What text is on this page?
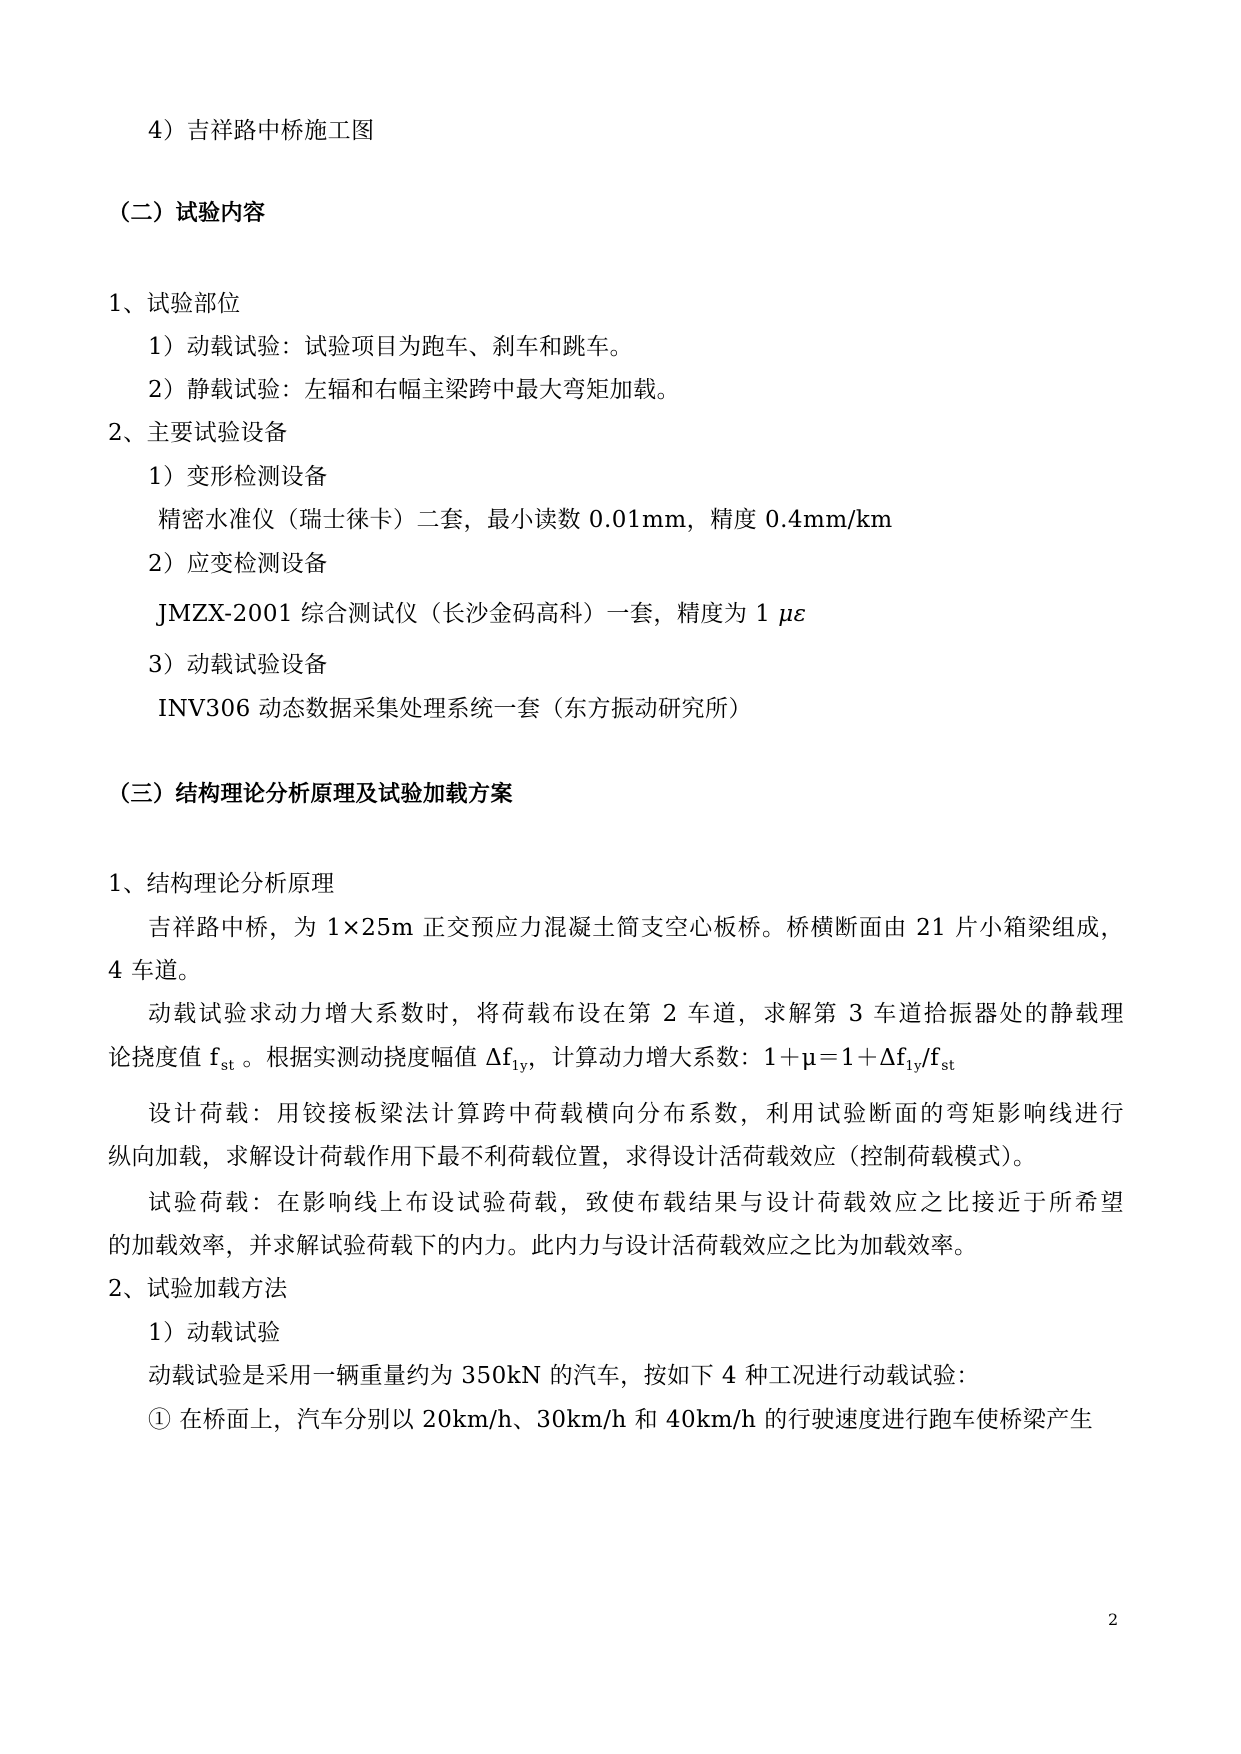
4）吉祥路中桥施工图
（二）试验内容
1、试验部位
1）动载试验：试验项目为跑车、刹车和跳车。
2）静载试验：左辐和右幅主梁跨中最大弯矩加载。
2、主要试验设备
1）变形检测设备
精密水准仪（瑞士徕卡）二套，最小读数 0.01mm，精度 0.4mm/km
2）应变检测设备
JMZX-2001 综合测试仪（长沙金码高科）一套，精度为 1 με
3）动载试验设备
INV306 动态数据采集处理系统一套（东方振动研究所）
（三）结构理论分析原理及试验加载方案
1、结构理论分析原理
吉祥路中桥，为 1×25m 正交预应力混凝土简支空心板桥。桥横断面由 21 片小箱梁组成，
4 车道。
动载试验求动力增大系数时，将荷载布设在第 2 车道，求解第 3 车道拾振器处的静载理
论挠度值 f $_{st}$ 。根据实测动挠度幅值 $\Delta f_{1y}$，计算动力增大系数：$1+\mu=1+\Delta f_{1y}/f$ $_{st}$
设计荷载：用铰接板梁法计算跨中荷载横向分布系数，利用试验断面的弯矩影响线进行
纵向加载，求解设计荷载作用下最不利荷载位置，求得设计活荷载效应（控制荷载模式）。
试验荷载：在影响线上布设试验荷载，致使布载结果与设计荷载效应之比接近于所希望
的加载效率，并求解试验荷载下的内力。此内力与设计活荷载效应之比为加载效率。
2、试验加载方法
1）动载试验
动载试验是采用一辆重量约为 350kN 的汽车，按如下 4 种工况进行动载试验：
① 在桥面上，汽车分别以 20km/h、30km/h 和 40km/h 的行驶速度进行跑车使桥梁产生
2
